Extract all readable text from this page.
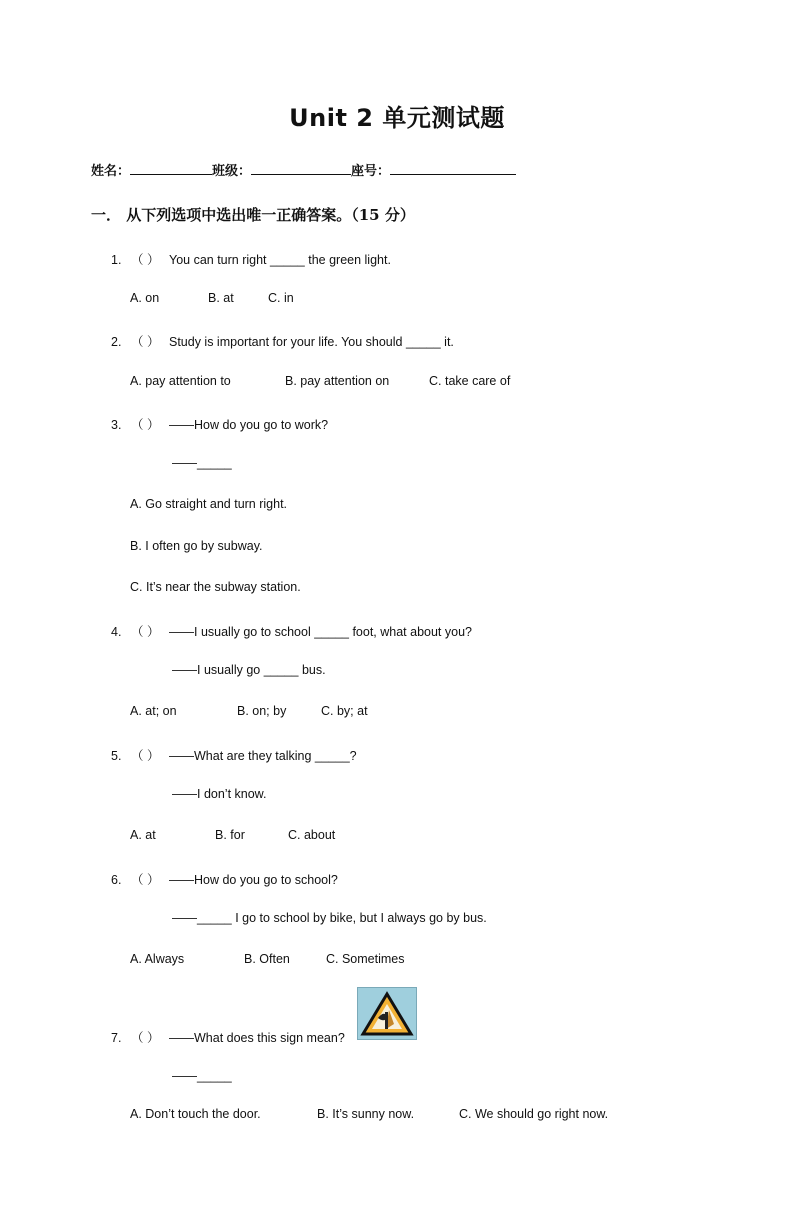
Unit 2 单元测试题
姓名：	班级：	座号：
一． 从下列选项中选出唯一正确答案。（15 分）
1. （ ） You can turn right _____ the green light.
A. on	B. at	C. in
2. （ ） Study is important for your life. You should _____ it.
A. pay attention to	B. pay attention on	C. take care of
3. （ ） ——How do you go to work?
——_____
A. Go straight and turn right.
B. I often go by subway.
C. It’s near the subway station.
4. （ ） ——I usually go to school _____ foot, what about you?
——I usually go _____ bus.
A. at; on	B. on; by	C. by; at
5. （ ） ——What are they talking _____?
——I don’t know.
A. at	B. for	C. about
6. （ ） ——How do you go to school?
——_____ I go to school by bike, but I always go by bus.
A. Always	B. Often	C. Sometimes
7. （ ） ——What does this sign mean?
——_____
A. Don’t touch the door.	B. It’s sunny now.	C. We should go right now.
